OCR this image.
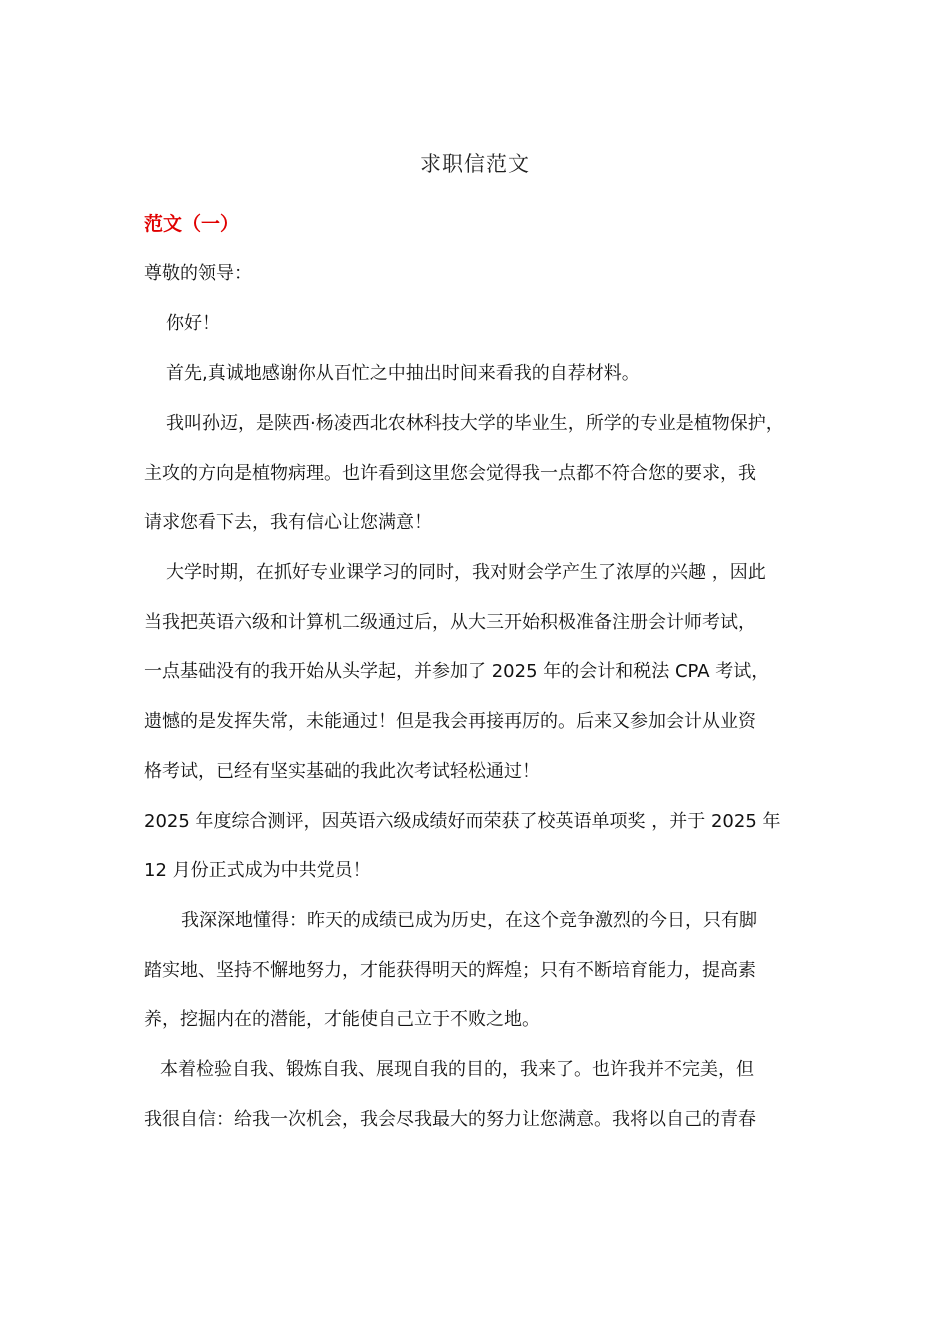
求职信范文
范文（一）
尊敬的领导：
你好！
首先,真诚地感谢你从百忙之中抽出时间来看我的自荐材料。
我叫孙迈，是陕西·杨凌西北农林科技大学的毕业生，所学的专业是植物保护，
主攻的方向是植物病理。也许看到这里您会觉得我一点都不符合您的要求，我
请求您看下去，我有信心让您满意！
大学时期，在抓好专业课学习的同时，我对财会学产生了浓厚的兴趣 ，因此
当我把英语六级和计算机二级通过后，从大三开始积极准备注册会计师考试，
一点基础没有的我开始从头学起，并参加了 2025 年的会计和税法 CPA 考试，
遗憾的是发挥失常，未能通过！但是我会再接再厉的。后来又参加会计从业资
格考试，已经有坚实基础的我此次考试轻松通过！
2025 年度综合测评，因英语六级成绩好而荣获了校英语单项奖 ，并于 2025 年
12 月份正式成为中共党员！
我深深地懂得：昨天的成绩已成为历史，在这个竞争激烈的今日，只有脚
踏实地、坚持不懈地努力，才能获得明天的辉煌；只有不断培育能力，提高素
养，挖掘内在的潜能，才能使自己立于不败之地。
本着检验自我、锻炼自我、展现自我的目的，我来了。也许我并不完美，但
我很自信：给我一次机会，我会尽我最大的努力让您满意。我将以自己的青春
